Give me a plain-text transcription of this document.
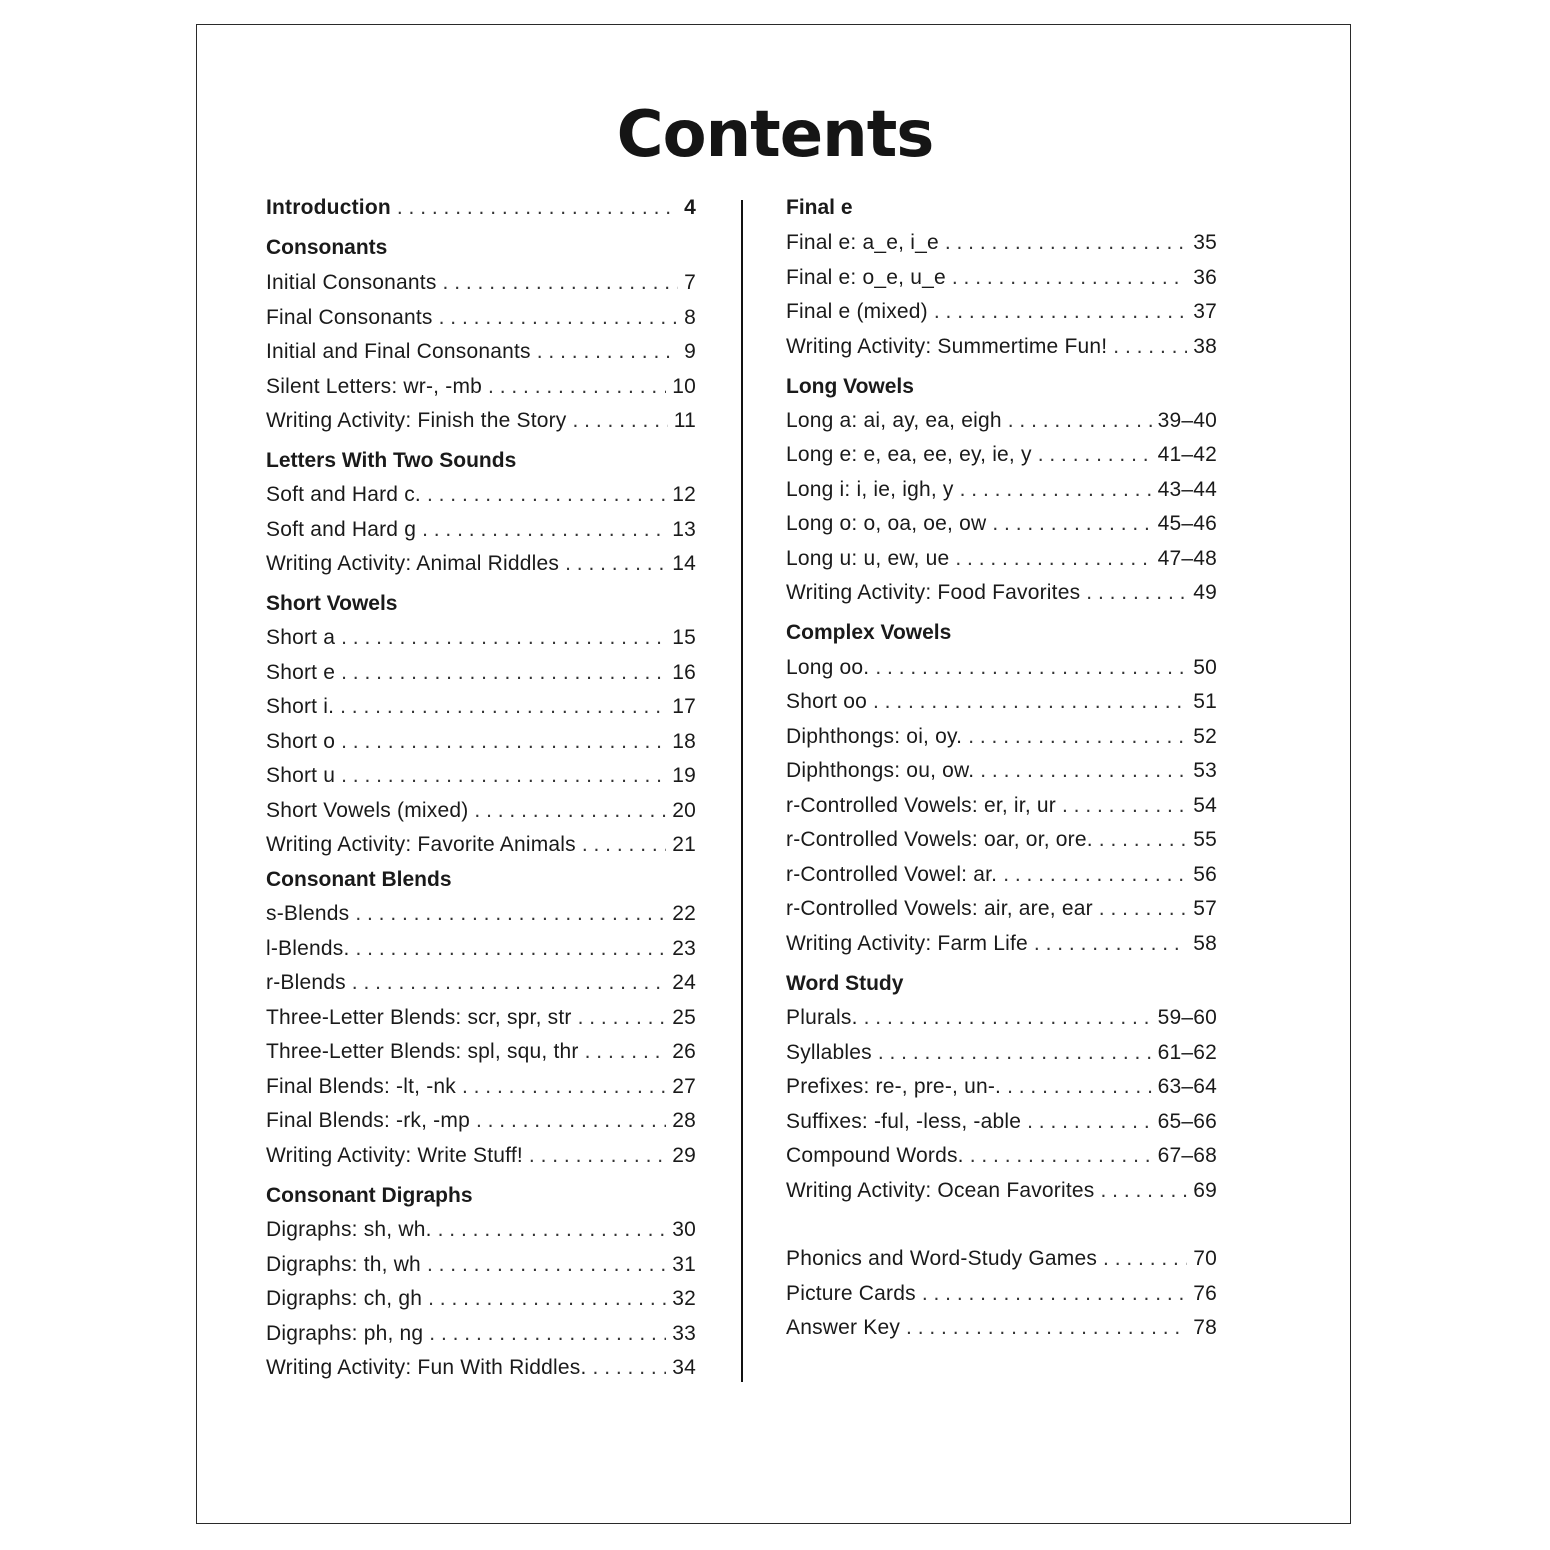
Contents
Introduction . . .	4
Consonants
Initial Consonants . . .	7
Final Consonants . . .	8
Initial and Final Consonants . . .	9
Silent Letters: wr-, -mb . . .	10
Writing Activity: Finish the Story . . .	11
Letters With Two Sounds
Soft and Hard c. . . .	12
Soft and Hard g . . .	13
Writing Activity: Animal Riddles . . .	14
Short Vowels
Short a . . .	15
Short e . . .	16
Short i. . . .	17
Short o . . .	18
Short u . . .	19
Short Vowels (mixed) . . .	20
Writing Activity: Favorite Animals . . .	21
Consonant Blends
s-Blends . . .	22
l-Blends. . . .	23
r-Blends . . .	24
Three-Letter Blends: scr, spr, str . . .	25
Three-Letter Blends: spl, squ, thr . . .	26
Final Blends: -lt, -nk . . .	27
Final Blends: -rk, -mp . . .	28
Writing Activity: Write Stuff! . . .	29
Consonant Digraphs
Digraphs: sh, wh. . . .	30
Digraphs: th, wh . . .	31
Digraphs: ch, gh . . .	32
Digraphs: ph, ng . . .	33
Writing Activity: Fun With Riddles. . . .	34
Final e
Final e: a_e, i_e . . .	35
Final e: o_e, u_e . . .	36
Final e (mixed) . . .	37
Writing Activity: Summertime Fun! . . .	38
Long Vowels
Long a: ai, ay, ea, eigh . . .	39–40
Long e: e, ea, ee, ey, ie, y . . .	41–42
Long i: i, ie, igh, y . . .	43–44
Long o: o, oa, oe, ow . . .	45–46
Long u: u, ew, ue . . .	47–48
Writing Activity: Food Favorites . . .	49
Complex Vowels
Long oo. . . .	50
Short oo . . .	51
Diphthongs: oi, oy. . . .	52
Diphthongs: ou, ow. . . .	53
r-Controlled Vowels: er, ir, ur . . .	54
r-Controlled Vowels: oar, or, ore. . . .	55
r-Controlled Vowel: ar. . . .	56
r-Controlled Vowels: air, are, ear . . .	57
Writing Activity: Farm Life . . .	58
Word Study
Plurals. . . .	59–60
Syllables . . .	61–62
Prefixes: re-, pre-, un-. . . .	63–64
Suffixes: -ful, -less, -able . . .	65–66
Compound Words. . . .	67–68
Writing Activity: Ocean Favorites . . .	69
Phonics and Word-Study Games . . .	70
Picture Cards . . .	76
Answer Key . . .	78
